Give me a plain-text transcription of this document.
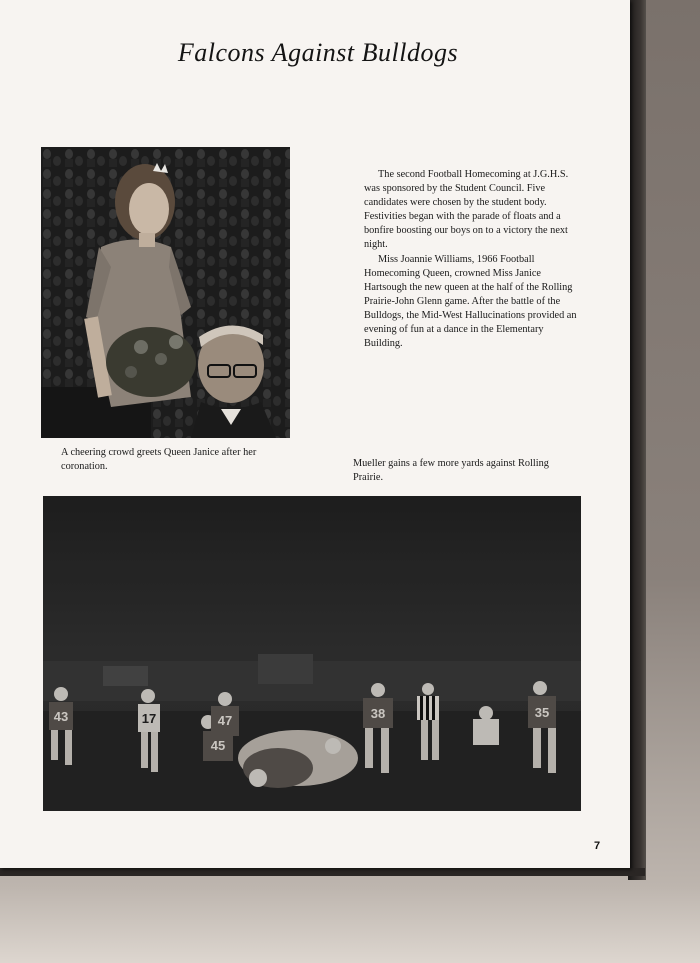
Falcons Against Bulldogs

The second Football Homecoming at J.G.H.S. was sponsored by the Student Council. Five candidates were chosen by the student body. Festivities began with the parade of floats and a bonfire boosting our boys on to a victory the next night.

Miss Joannie Williams, 1966 Football Homecoming Queen, crowned Miss Janice Hartsough the new queen at the half of the Rolling Prairie-John Glenn game. After the battle of the Bulldogs, the Mid-West Hallucinations provided an evening of fun at a dance in the Elementary Building.

A cheering crowd greets Queen Janice after her coronation.	Mueller gains a few more yards against Rolling Prairie.
43	17	47
45
38	35
7
